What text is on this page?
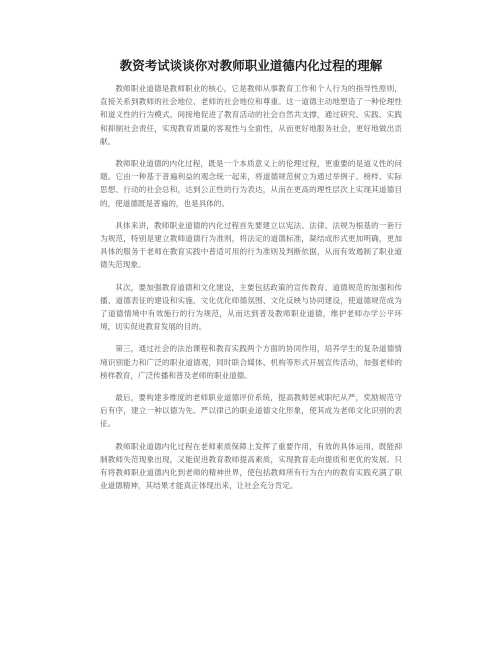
教资考试谈谈你对教师职业道德内化过程的理解

教师职业道德是教师职业的核心，它是教师从事教育工作和个人行为的指导性原则，直接关系到教师的社会地位、老师的社会地位和尊重。这一道德主动地塑造了一种伦理性和道义性的行为模式，间接地促进了教育活动的社会自然共支撑，通过研究、实践、实践和抑制社会责任，实现教育质量的客观性与全面性，从而更好地服务社会，更好地做出贡献。

教师职业道德的内化过程，既是一个本质意义上的伦理过程，更重要的是道义性的问题。它由一种基于普遍利益的观念统一起来，将道德规范树立为通过举例子、榜样、实际思想、行动的社会总和，达到公正性的行为表达，从而在更高的理性层次上实现其道德目的，使道德既是普遍的，也是具体的。

具体来讲，教师职业道德的内化过程首先要建立以宪法、法律、法规为根基的一套行为规范，特别是建立教师道德行为准则，将法定的道德标准，凝结成形式更加明确，更加具体的服务于老师在教育实践中普适可用的行为准则及判断依据，从而有效遏制了职业道德失范现象。

其次，要加强教育道德和文化建设，主要包括政策的宣传教育、道德规范的加强和传播、道德表征的建设和实施、文化优化师德氛围、文化反映与协同建设，使道德规范成为了道德情境中有效施行的行为规范，从而达到普及教师职业道德，维护老师办学公平环境，切实促进教育发展的目的。

第三，通过社会的法治课程和教育实践两个方面的协同作用，培养学生的复杂道德情境识别能力和广泛的职业道德观，同时联合媒体、机构等形式开展宣传活动，加强老师的榜样教育，广泛传播和普及老师的职业道德。

最后，要构建多维度的老师职业道德评价系统，提高教师惩戒职纪从严，奖励规范守后有序，建立一种以德为先、严以律己的职业道德文化形象，使其成为老师文化识别的表征。

教师职业道德内化过程在老师素质保障上发挥了重要作用，有效的具体运用，既能抑制教师失范现象出现，又能促进教育教师提高素质，实现教育走向提质和更优的发展。只有将教师职业道德内化到老师的精神世界，使包括教师所有行为在内的教育实践充满了职业道德精神，其结果才能真正体现出来，让社会充分肯定。
